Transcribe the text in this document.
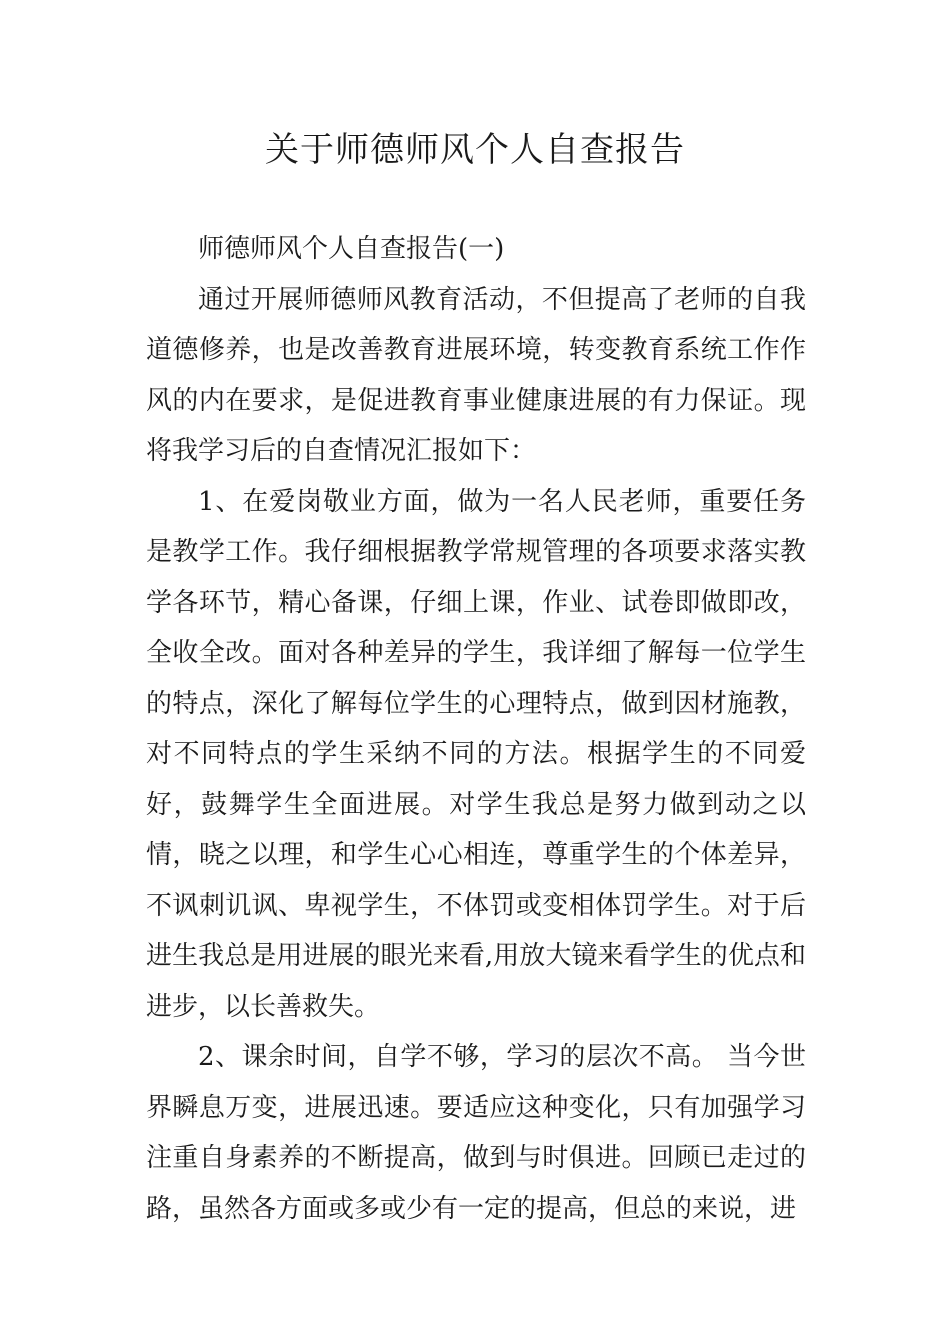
关于师德师风个人自查报告

师德师风个人自查报告(一)

通过开展师德师风教育活动，不但提高了老师的自我道德修养，也是改善教育进展环境，转变教育系统工作作风的内在要求，是促进教育事业健康进展的有力保证。现将我学习后的自查情况汇报如下：

1、在爱岗敬业方面，做为一名人民老师，重要任务是教学工作。我仔细根据教学常规管理的各项要求落实教学各环节，精心备课，仔细上课，作业、试卷即做即改，全收全改。面对各种差异的学生，我详细了解每一位学生的特点，深化了解每位学生的心理特点，做到因材施教，对不同特点的学生采纳不同的方法。根据学生的不同爱好，鼓舞学生全面进展。对学生我总是努力做到动之以情，晓之以理，和学生心心相连，尊重学生的个体差异，不讽刺讥讽、卑视学生，不体罚或变相体罚学生。对于后进生我总是用进展的眼光来看,用放大镜来看学生的优点和进步，以长善救失。

2、课余时间，自学不够，学习的层次不高。 当今世界瞬息万变，进展迅速。要适应这种变化，只有加强学习注重自身素养的不断提高，做到与时俱进。回顾已走过的路，虽然各方面或多或少有一定的提高，但总的来说，进
